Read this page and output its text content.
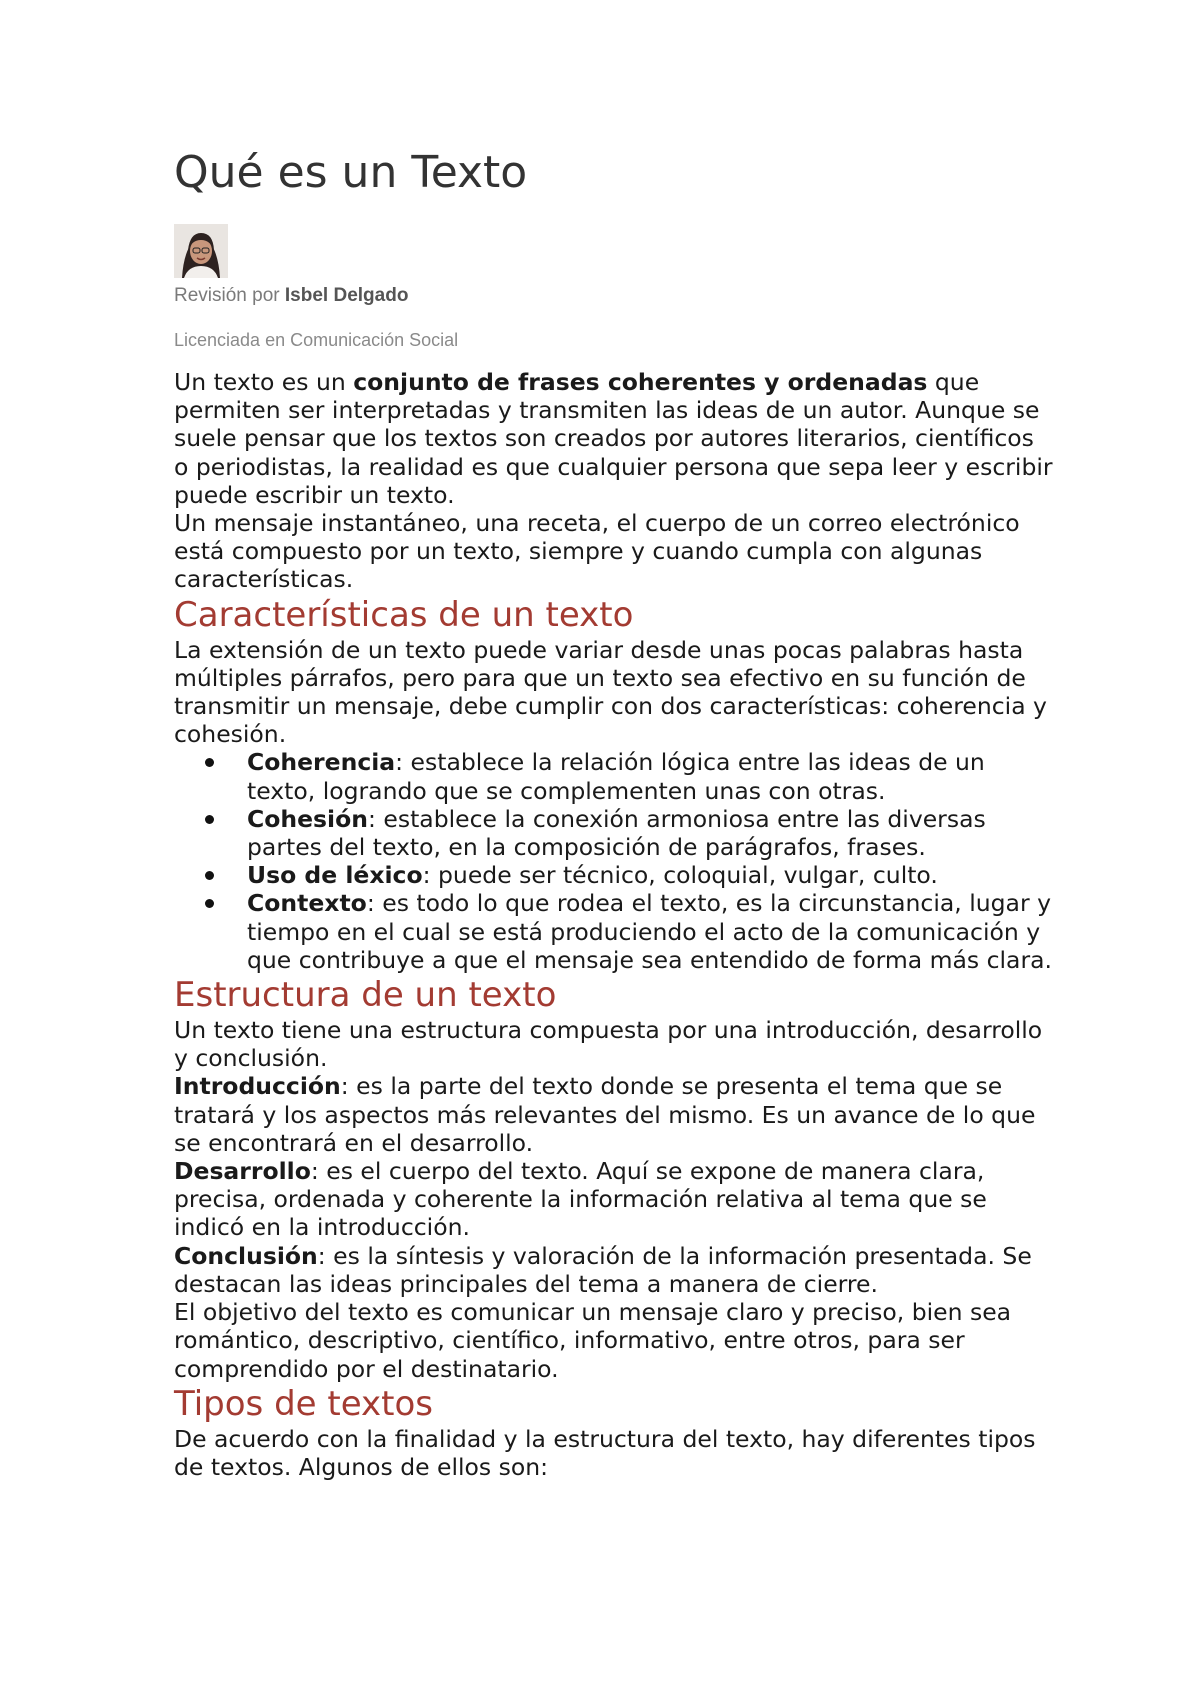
Qué es un Texto
Revisión por Isbel Delgado
Licenciada en Comunicación Social

Un texto es un conjunto de frases coherentes y ordenadas que permiten ser interpretadas y transmiten las ideas de un autor. Aunque se suele pensar que los textos son creados por autores literarios, científicos o periodistas, la realidad es que cualquier persona que sepa leer y escribir puede escribir un texto.

Un mensaje instantáneo, una receta, el cuerpo de un correo electrónico está compuesto por un texto, siempre y cuando cumpla con algunas características.

Características de un texto

La extensión de un texto puede variar desde unas pocas palabras hasta múltiples párrafos, pero para que un texto sea efectivo en su función de transmitir un mensaje, debe cumplir con dos características: coherencia y cohesión.

Coherencia: establece la relación lógica entre las ideas de un texto, logrando que se complementen unas con otras.
Cohesión: establece la conexión armoniosa entre las diversas partes del texto, en la composición de parágrafos, frases.
Uso de léxico: puede ser técnico, coloquial, vulgar, culto.
Contexto: es todo lo que rodea el texto, es la circunstancia, lugar y tiempo en el cual se está produciendo el acto de la comunicación y que contribuye a que el mensaje sea entendido de forma más clara.
Estructura de un texto

Un texto tiene una estructura compuesta por una introducción, desarrollo y conclusión.

Introducción: es la parte del texto donde se presenta el tema que se tratará y los aspectos más relevantes del mismo. Es un avance de lo que se encontrará en el desarrollo.

Desarrollo: es el cuerpo del texto. Aquí se expone de manera clara, precisa, ordenada y coherente la información relativa al tema que se indicó en la introducción.

Conclusión: es la síntesis y valoración de la información presentada. Se destacan las ideas principales del tema a manera de cierre.

El objetivo del texto es comunicar un mensaje claro y preciso, bien sea romántico, descriptivo, científico, informativo, entre otros, para ser comprendido por el destinatario.

Tipos de textos

De acuerdo con la finalidad y la estructura del texto, hay diferentes tipos de textos. Algunos de ellos son:
